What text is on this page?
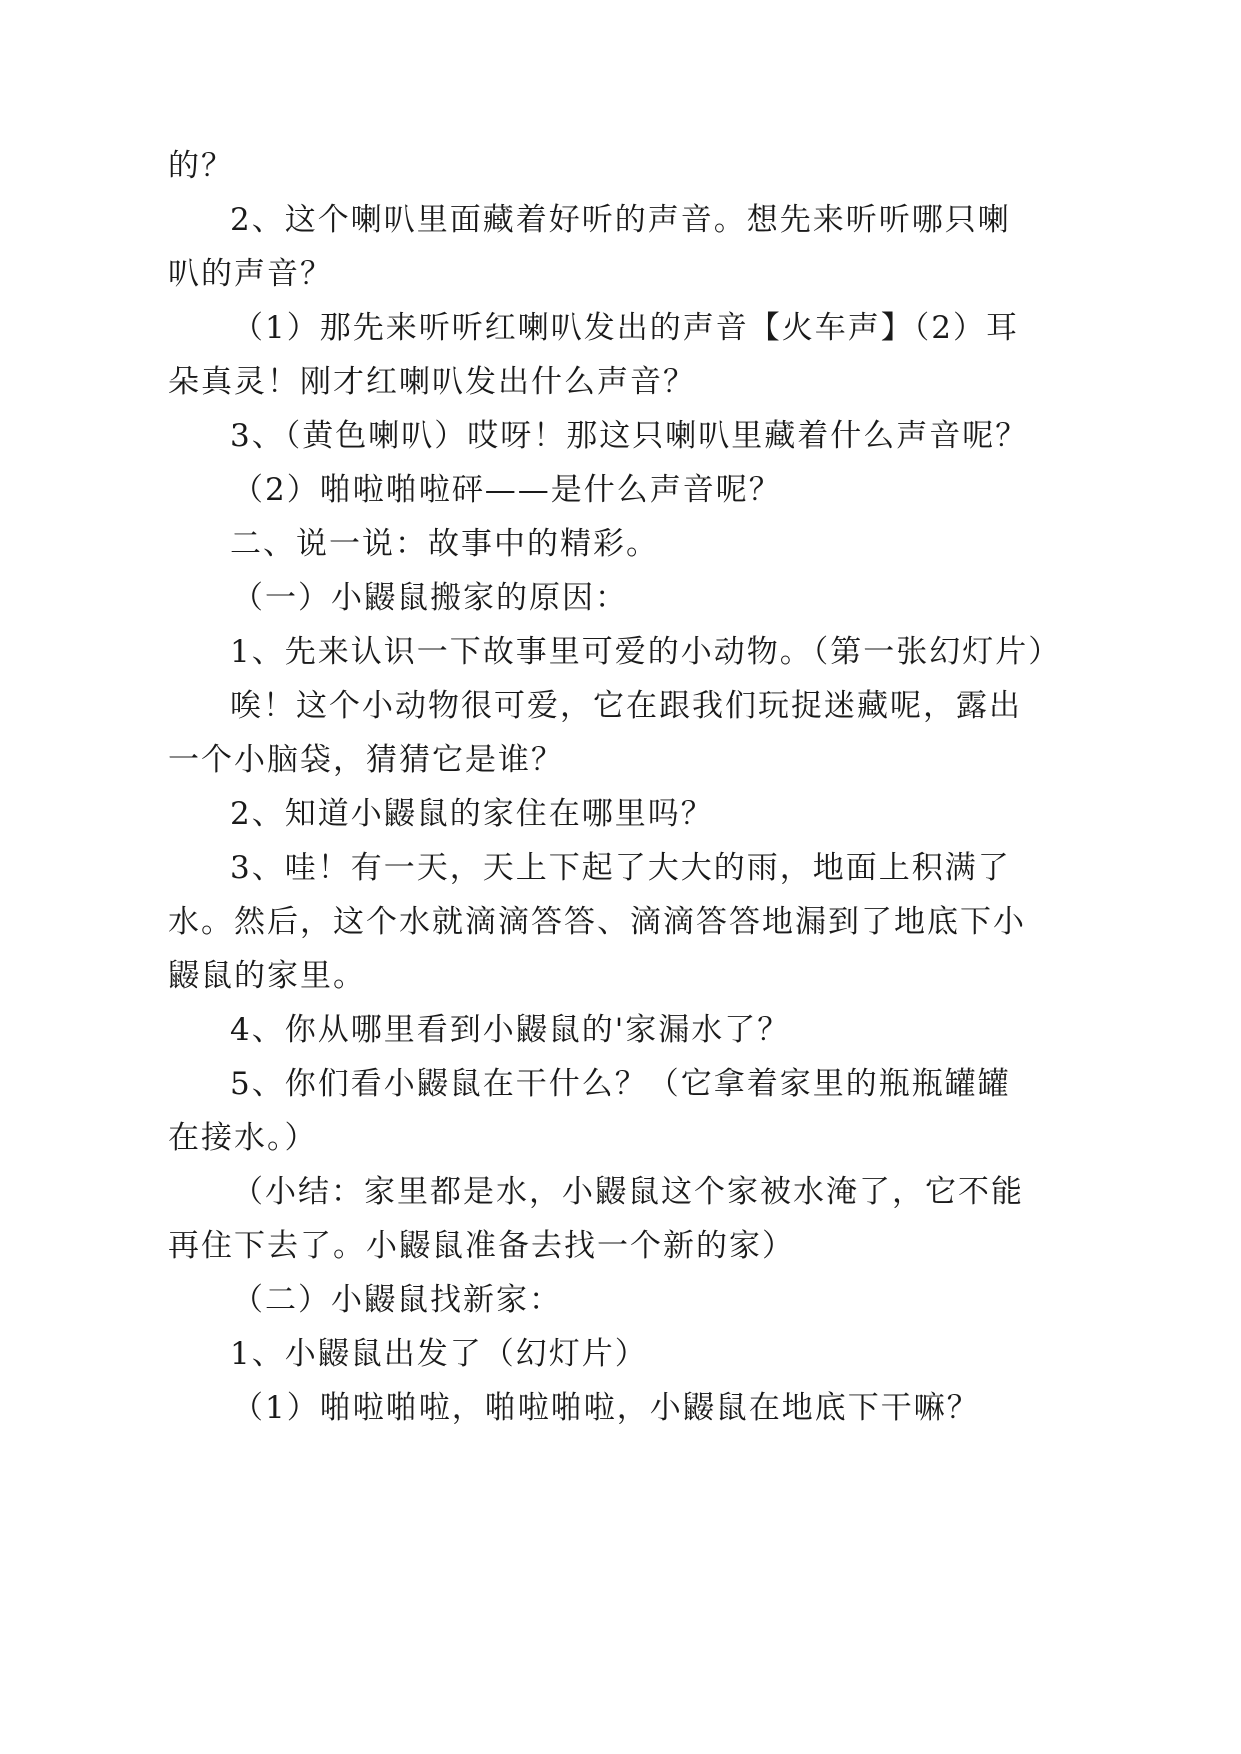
的？
2、这个喇叭里面藏着好听的声音。想先来听听哪只喇
叭的声音？
（1）那先来听听红喇叭发出的声音【火车声】（2）耳
朵真灵！刚才红喇叭发出什么声音？
3、（黄色喇叭）哎呀！那这只喇叭里藏着什么声音呢？
（2）啪啦啪啦砰——是什么声音呢？
二、说一说：故事中的精彩。
（一）小鼹鼠搬家的原因：
1、先来认识一下故事里可爱的小动物。（第一张幻灯片）
唉！这个小动物很可爱，它在跟我们玩捉迷藏呢，露出
一个小脑袋，猜猜它是谁？
2、知道小鼹鼠的家住在哪里吗？
3、哇！有一天，天上下起了大大的雨，地面上积满了
水。然后，这个水就滴滴答答、滴滴答答地漏到了地底下小
鼹鼠的家里。
4、你从哪里看到小鼹鼠的'家漏水了？
5、你们看小鼹鼠在干什么？（它拿着家里的瓶瓶罐罐
在接水。）
（小结：家里都是水，小鼹鼠这个家被水淹了，它不能
再住下去了。小鼹鼠准备去找一个新的家）
（二）小鼹鼠找新家：
1、小鼹鼠出发了（幻灯片）
（1）啪啦啪啦，啪啦啪啦，小鼹鼠在地底下干嘛？
